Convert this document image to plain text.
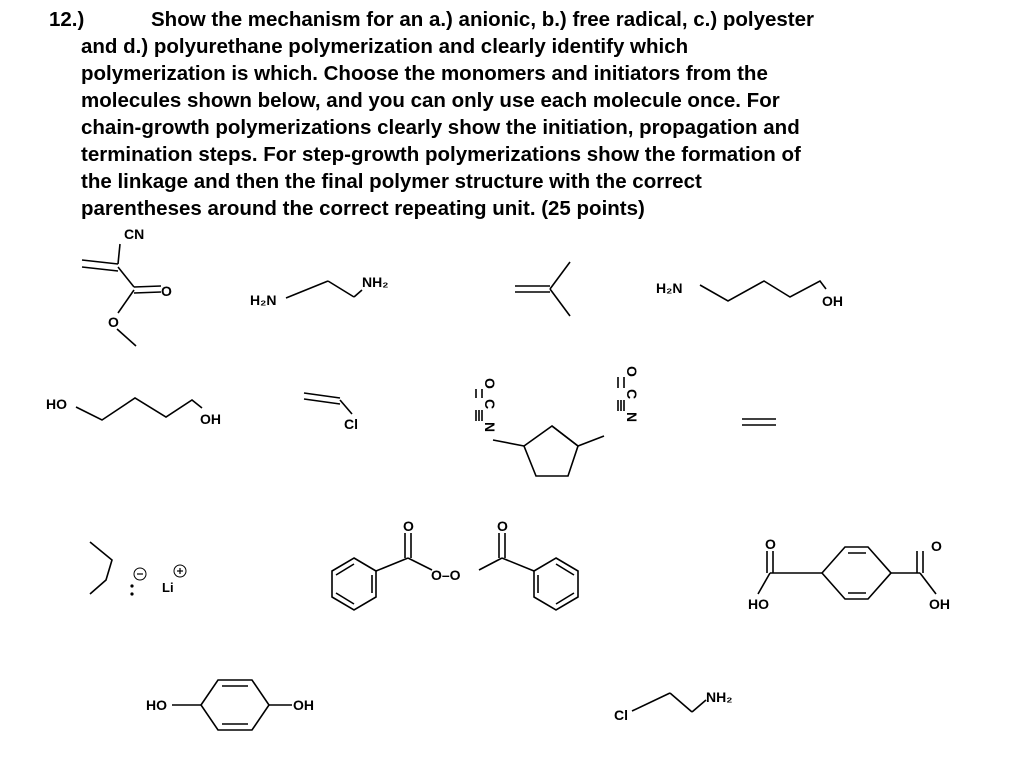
12.)	Show the mechanism for an a.) anionic, b.) free radical, c.) polyester
and d.) polyurethane polymerization and clearly identify which
polymerization is which. Choose the monomers and initiators from the
molecules shown below, and you can only use each molecule once. For
chain-growth polymerizations clearly show the initiation, propagation and
termination steps. For step-growth polymerizations show the formation of
the linkage and then the final polymer structure with the correct
parentheses around the correct repeating unit. (25 points)
CN
O
O
H₂N
NH₂	H₂N
OH
HO
OH	Cl
O
C
N
O
C
N
Li
O
O–O
O
O
HO
O
OH
HO	OH
Cl
NH₂
